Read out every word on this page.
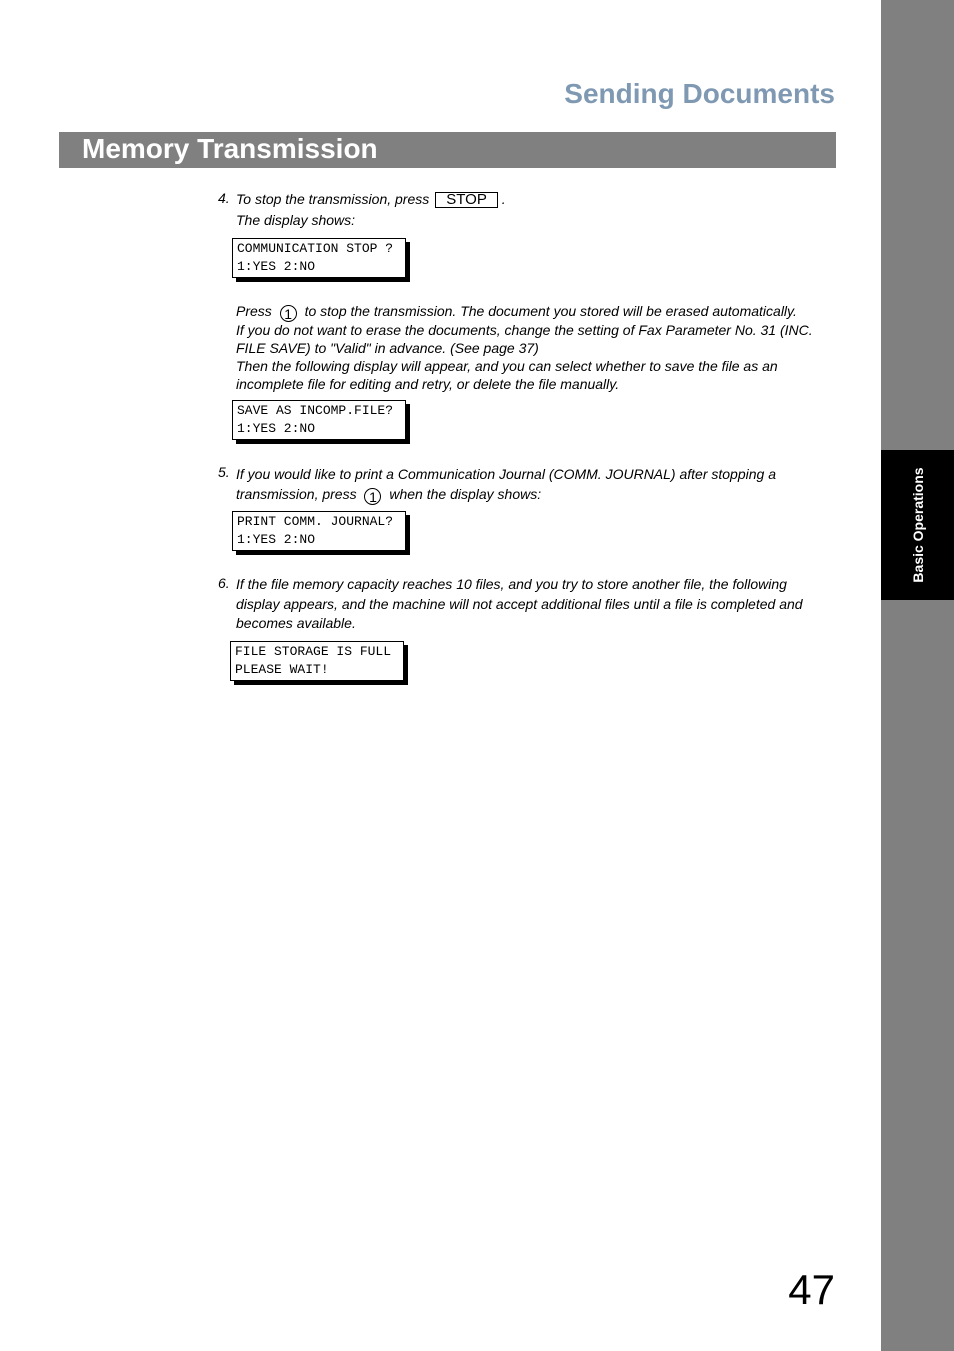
Basic Operations
Sending Documents
Memory Transmission
4. To stop the transmission, press STOP .
The display shows:
COMMUNICATION STOP ?
1:YES 2:NO
Press 1 to stop the transmission. The document you stored will be erased automatically.
If you do not want to erase the documents, change the setting of Fax Parameter No. 31 (INC. FILE SAVE) to "Valid" in advance. (See page 37)
Then the following display will appear, and you can select whether to save the file as an incomplete file for editing and retry, or delete the file manually.
SAVE AS INCOMP.FILE?
1:YES 2:NO
5. If you would like to print a Communication Journal (COMM. JOURNAL) after stopping a transmission, press 1 when the display shows:
PRINT COMM. JOURNAL?
1:YES 2:NO
6. If the file memory capacity reaches 10 files, and you try to store another file, the following display appears, and the machine will not accept additional files until a file is completed and becomes available.
FILE STORAGE IS FULL
PLEASE WAIT!
47
